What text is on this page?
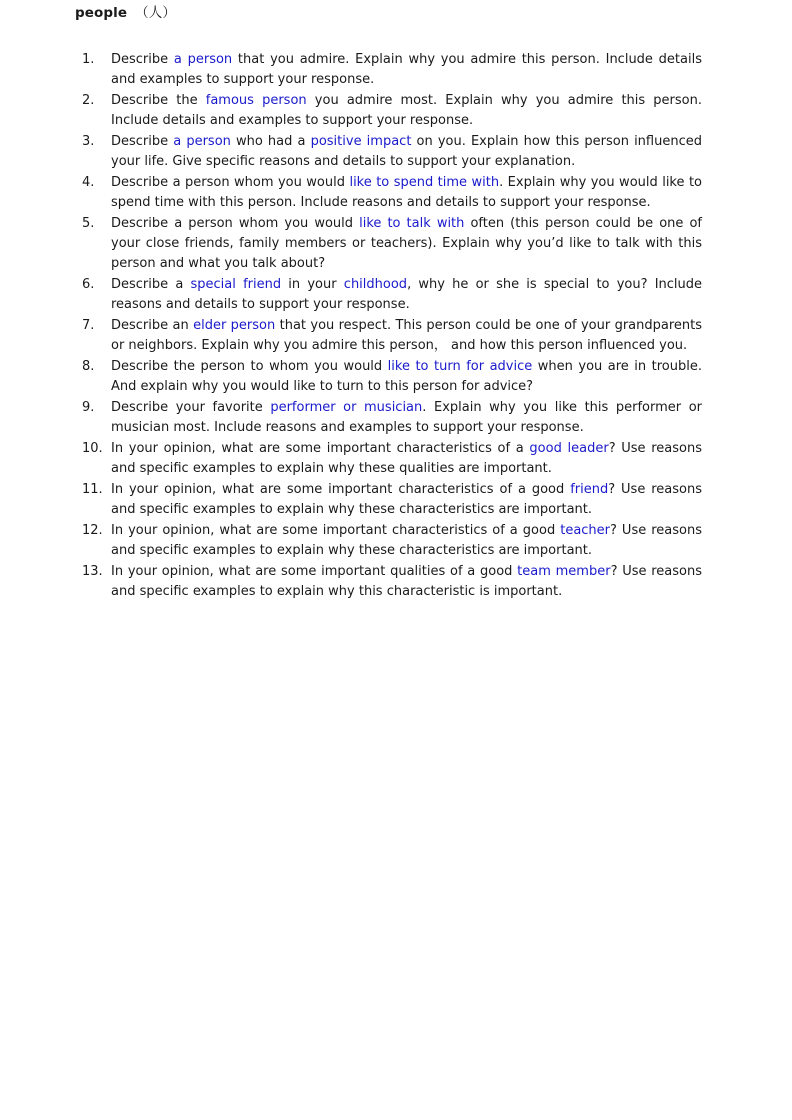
people （人）
1. Describe a person that you admire. Explain why you admire this person. Include details and examples to support your response.
2. Describe the famous person you admire most. Explain why you admire this person. Include details and examples to support your response.
3. Describe a person who had a positive impact on you. Explain how this person influenced your life. Give specific reasons and details to support your explanation.
4. Describe a person whom you would like to spend time with. Explain why you would like to spend time with this person. Include reasons and details to support your response.
5. Describe a person whom you would like to talk with often (this person could be one of your close friends, family members or teachers). Explain why you’d like to talk with this person and what you talk about?
6. Describe a special friend in your childhood, why he or she is special to you? Include reasons and details to support your response.
7. Describe an elder person that you respect. This person could be one of your grandparents or neighbors. Explain why you admire this person， and how this person influenced you.
8. Describe the person to whom you would like to turn for advice when you are in trouble. And explain why you would like to turn to this person for advice?
9. Describe your favorite performer or musician. Explain why you like this performer or musician most. Include reasons and examples to support your response.
10. In your opinion, what are some important characteristics of a good leader? Use reasons and specific examples to explain why these qualities are important.
11. In your opinion, what are some important characteristics of a good friend? Use reasons and specific examples to explain why these characteristics are important.
12. In your opinion, what are some important characteristics of a good teacher? Use reasons and specific examples to explain why these characteristics are important.
13. In your opinion, what are some important qualities of a good team member? Use reasons and specific examples to explain why this characteristic is important.
